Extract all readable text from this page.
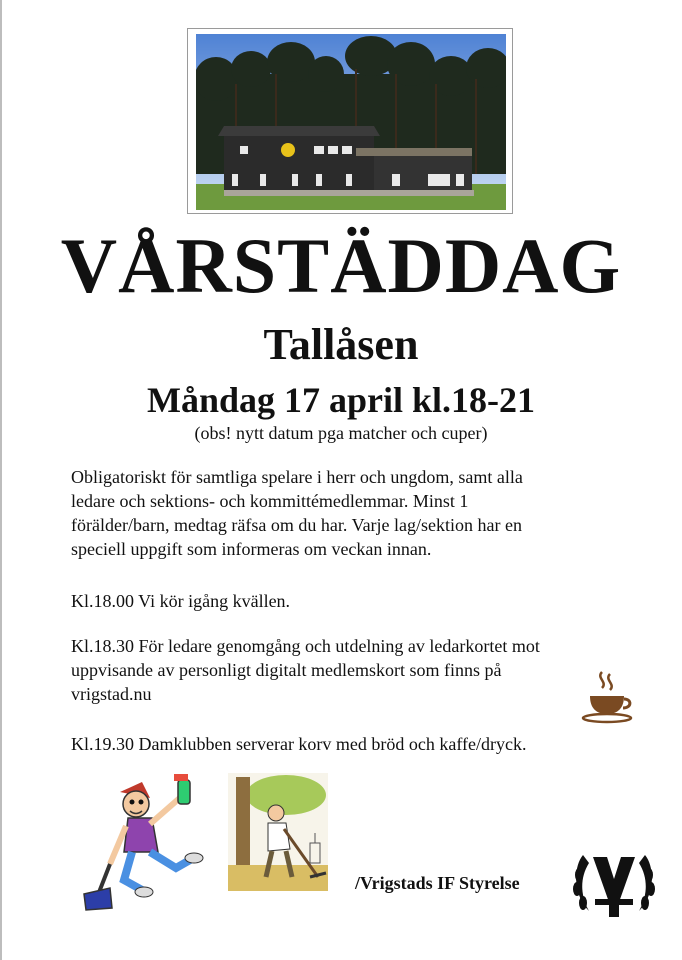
VÅRSTÄDDAG
Tallåsen
Måndag 17 april kl.18-21

(obs! nytt datum pga matcher och cuper)

Obligatoriskt för samtliga spelare i herr och ungdom, samt alla
ledare och sektions- och kommittémedlemmar. Minst 1
förälder/barn, medtag räfsa om du har. Varje lag/sektion har en
speciell uppgift som informeras om veckan innan.

Kl.18.00 Vi kör igång kvällen.

Kl.18.30 För ledare genomgång och utdelning av ledarkortet mot
uppvisande av personligt digitalt medlemskort som finns på
vrigstad.nu

Kl.19.30 Damklubben serverar korv med bröd och kaffe/dryck.

/Vrigstads IF Styrelse
